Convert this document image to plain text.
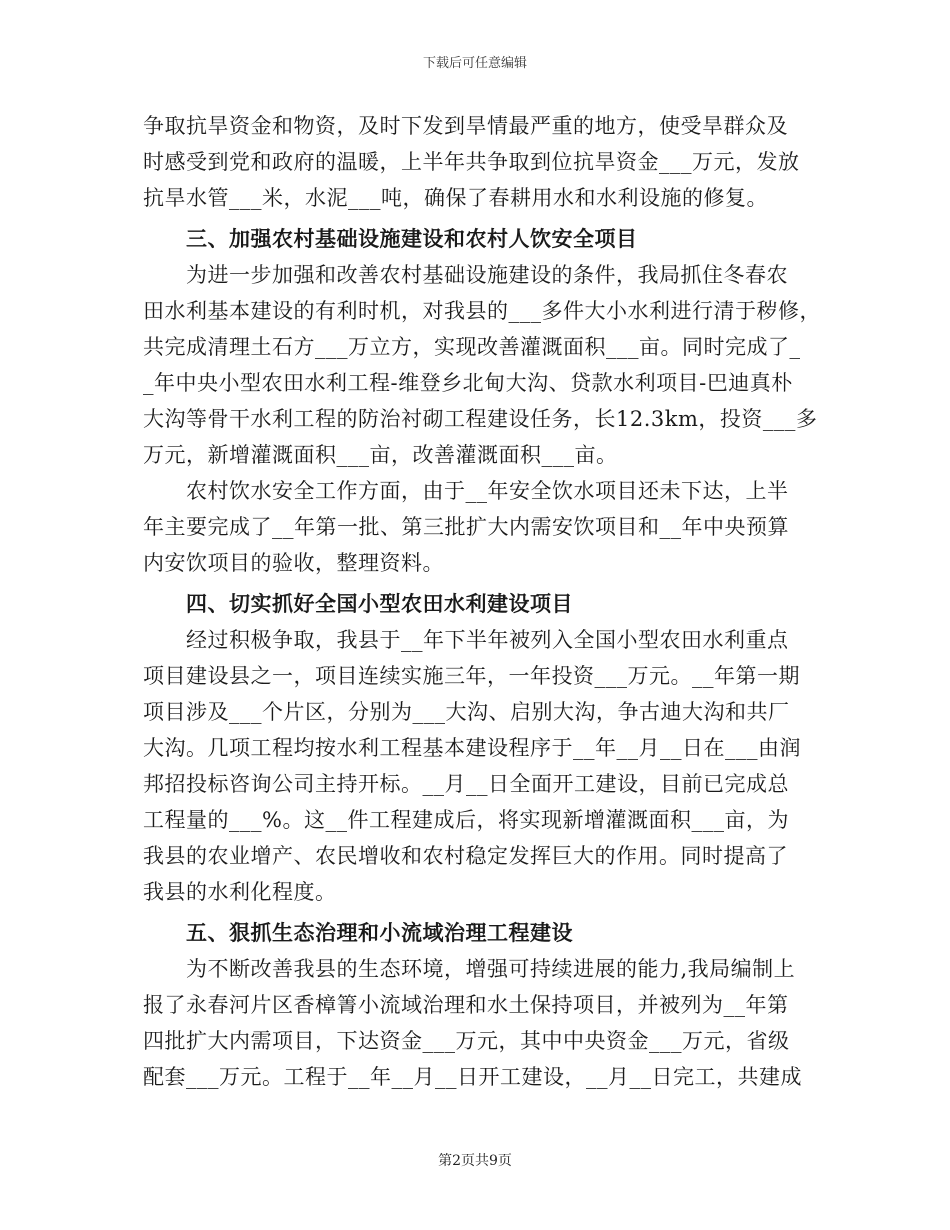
下载后可任意编辑
争取抗旱资金和物资，及时下发到旱情最严重的地方，使受旱群众及
时感受到党和政府的温暖，上半年共争取到位抗旱资金___万元，发放
抗旱水管___米，水泥___吨，确保了春耕用水和水利设施的修复。
三、加强农村基础设施建设和农村人饮安全项目
为进一步加强和改善农村基础设施建设的条件，我局抓住冬春农
田水利基本建设的有利时机，对我县的___多件大小水利进行清于秽修，
共完成清理土石方___万立方，实现改善灌溉面积___亩。同时完成了_
_年中央小型农田水利工程-维登乡北甸大沟、贷款水利项目-巴迪真朴
大沟等骨干水利工程的防治衬砌工程建设任务，长12.3km，投资___多
万元，新增灌溉面积___亩，改善灌溉面积___亩。
农村饮水安全工作方面，由于__年安全饮水项目还未下达，上半
年主要完成了__年第一批、第三批扩大内需安饮项目和__年中央预算
内安饮项目的验收，整理资料。
四、切实抓好全国小型农田水利建设项目
经过积极争取，我县于__年下半年被列入全国小型农田水利重点
项目建设县之一，项目连续实施三年，一年投资___万元。__年第一期
项目涉及___个片区，分别为___大沟、启别大沟，争古迪大沟和共厂
大沟。几项工程均按水利工程基本建设程序于__年__月__日在___由润
邦招投标咨询公司主持开标。__月__日全面开工建设，目前已完成总
工程量的___%。这__件工程建成后，将实现新增灌溉面积___亩，为
我县的农业增产、农民增收和农村稳定发挥巨大的作用。同时提高了
我县的水利化程度。
五、狠抓生态治理和小流域治理工程建设
为不断改善我县的生态环境，增强可持续进展的能力,我局编制上
报了永春河片区香樟箐小流域治理和水土保持项目，并被列为__年第
四批扩大内需项目，下达资金___万元，其中中央资金___万元，省级
配套___万元。工程于__年__月__日开工建设，__月__日完工，共建成
第2页共9页
